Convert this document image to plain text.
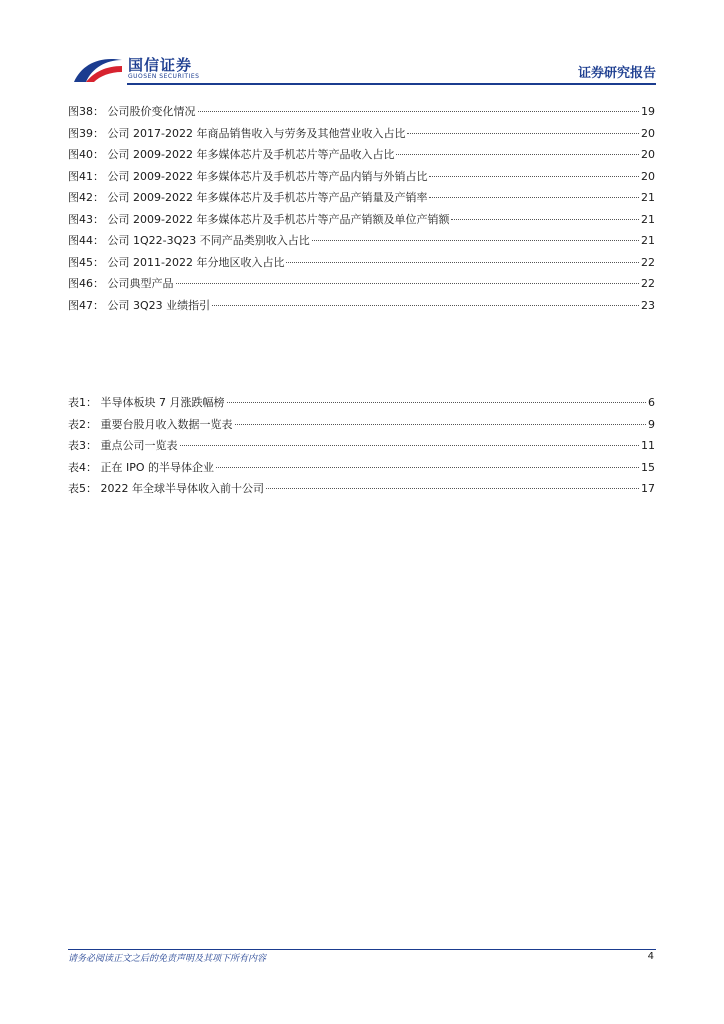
国信证券
GUOSEN SECURITIES	证券研究报告
图38： 公司股价变化情况	19
图39： 公司 2017-2022 年商品销售收入与劳务及其他营业收入占比	20
图40： 公司 2009-2022 年多媒体芯片及手机芯片等产品收入占比	20
图41： 公司 2009-2022 年多媒体芯片及手机芯片等产品内销与外销占比	20
图42： 公司 2009-2022 年多媒体芯片及手机芯片等产品产销量及产销率	21
图43： 公司 2009-2022 年多媒体芯片及手机芯片等产品产销额及单位产销额	21
图44： 公司 1Q22-3Q23 不同产品类别收入占比	21
图45： 公司 2011-2022 年分地区收入占比	22
图46： 公司典型产品	22
图47： 公司 3Q23 业绩指引	23
表1： 半导体板块 7 月涨跌幅榜	6
表2： 重要台股月收入数据一览表	9
表3： 重点公司一览表	11
表4： 正在 IPO 的半导体企业	15
表5： 2022 年全球半导体收入前十公司	17
请务必阅读正文之后的免责声明及其项下所有内容	4
